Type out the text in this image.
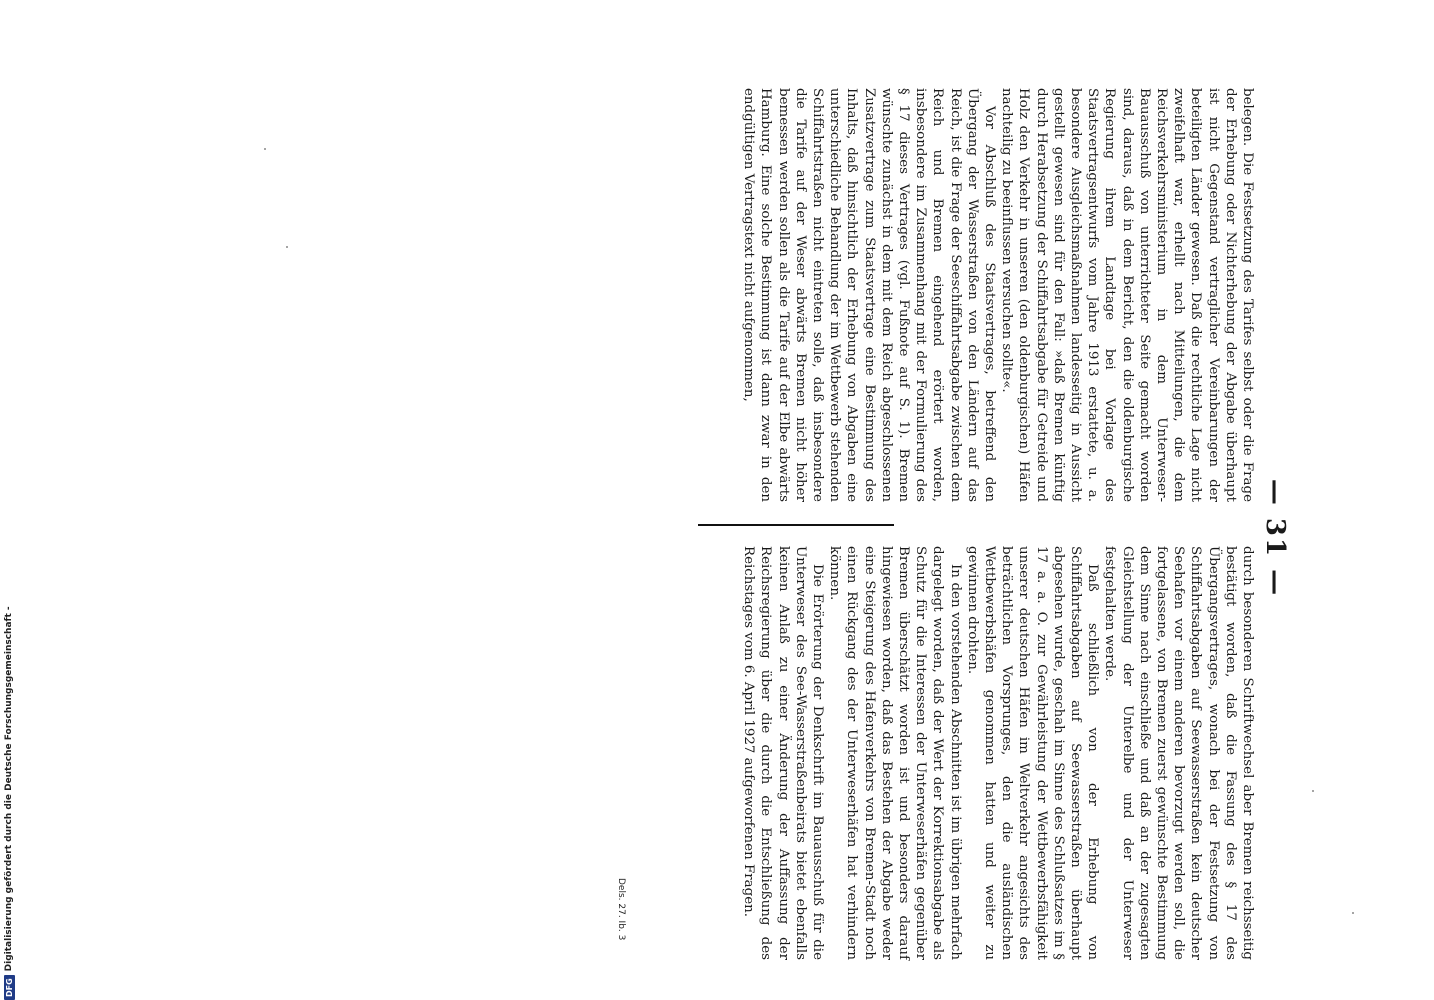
DFG
Digitalisierung gefördert durch die Deutsche Forschungsgemeinschaft -
— 31 —

belegen. Die Festsetzung des Tarifes selbst oder die Frage der Erhebung oder Nichterhebung der Abgabe überhaupt ist nicht Gegenstand vertraglicher Vereinbarungen der beteiligten Länder gewesen. Daß die rechtliche Lage nicht zweifelhaft war, erhellt nach Mitteilungen, die dem Reichsverkehrsministerium in dem Unterweser-Bauausschuß von unterrichteter Seite gemacht worden sind, daraus, daß in dem Bericht, den die oldenburgische Regierung ihrem Landtage bei Vorlage des Staatsvertragsentwurfs vom Jahre 1913 erstattete, u. a. besondere Ausgleichsmaßnahmen landesseitig in Aussicht gestellt gewesen sind für den Fall: »daß Bremen künftig durch Herabsetzung der Schiffahrtsabgabe für Getreide und Holz den Verkehr in unseren (den oldenburgischen) Häfen nachteilig zu beeinflussen versuchen sollte«.

Vor Abschluß des Staatsvertrages, betreffend den Übergang der Wasserstraßen von den Ländern auf das Reich, ist die Frage der Seeschiffahrtsabgabe zwischen dem Reich und Bremen eingehend erörtert worden, insbesondere im Zusammenhang mit der Formulierung des § 17 dieses Vertrages (vgl. Fußnote auf S. 1). Bremen wünschte zunächst in dem mit dem Reich abgeschlossenen Zusatzvertrage zum Staatsvertrage eine Bestimmung des Inhalts, daß hinsichtlich der Erhebung von Abgaben eine unterschiedliche Behandlung der im Wettbewerb stehenden Schiffahrtstraßen nicht eintreten solle, daß insbesondere die Tarife auf der Weser abwärts Bremen nicht höher bemessen werden sollen als die Tarife auf der Elbe abwärts Hamburg. Eine solche Bestimmung ist dann zwar in den endgültigen Vertragstext nicht aufgenommen,

durch besonderen Schriftwechsel aber Bremen reichsseitig bestätigt worden, daß die Fassung des § 17 des Übergangsvertrages, wonach bei der Festsetzung von Schiffahrtsabgaben auf Seewasserstraßen kein deutscher Seehafen vor einem anderen bevorzugt werden soll, die fortgelassene, von Bremen zuerst gewünschte Bestimmung dem Sinne nach einschließe und daß an der zugesagten Gleichstellung der Unterelbe und der Unterweser festgehalten werde.

Daß schließlich von der Erhebung von Schiffahrtsabgaben auf Seewasserstraßen überhaupt abgesehen wurde, geschah im Sinne des Schlußsatzes im § 17 a. a. O. zur Gewährleistung der Wettbewerbsfähigkeit unserer deutschen Häfen im Weltverkehr angesichts des beträchtlichen Vorsprunges, den die ausländischen Wettbewerbshäfen genommen hatten und weiter zu gewinnen drohten.

In den vorstehenden Abschnitten ist im übrigen mehrfach dargelegt worden, daß der Wert der Korrektionsabgabe als Schutz für die Interessen der Unterweserhäfen gegenüber Bremen überschätzt worden ist und besonders darauf hingewiesen worden, daß das Bestehen der Abgabe weder eine Steigerung des Hafenverkehrs von Bremen-Stadt noch einen Rückgang des der Unterweserhäfen hat verhindern können.

Die Erörterung der Denkschrift im Bauausschuß für die Unterweser des See-Wasserstraßenbeirats bietet ebenfalls keinen Anlaß zu einer Änderung der Auffassung der Reichsregierung über die durch die Entschließung des Reichstages vom 6. April 1927 aufgeworfenen Fragen.

Dels. 27. Ib. 3
